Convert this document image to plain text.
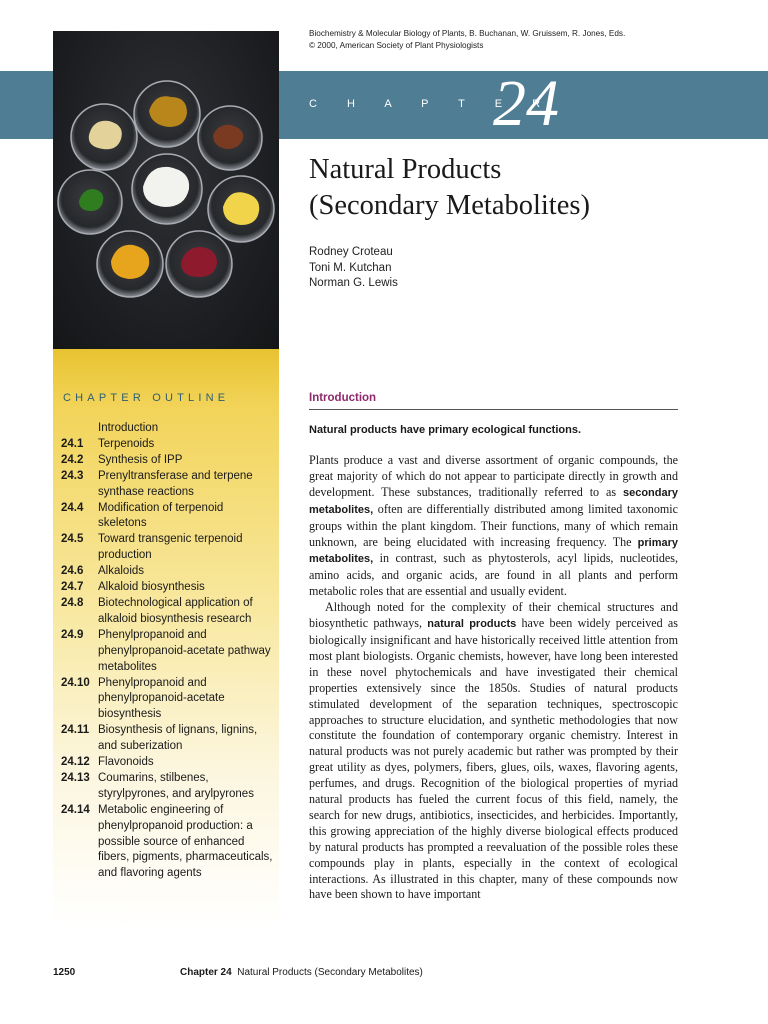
Biochemistry & Molecular Biology of Plants, B. Buchanan, W. Gruissem, R. Jones, Eds.
© 2000, American Society of Plant Physiologists
C H A P T E R
24
Natural Products
(Secondary Metabolites)
Rodney Croteau
Toni M. Kutchan
Norman G. Lewis
CHAPTER OUTLINE
Introduction
24.1	Terpenoids
24.2	Synthesis of IPP
24.3	Prenyltransferase and terpene synthase reactions
24.4	Modification of terpenoid skeletons
24.5	Toward transgenic terpenoid production
24.6	Alkaloids
24.7	Alkaloid biosynthesis
24.8	Biotechnological application of alkaloid biosynthesis research
24.9	Phenylpropanoid and phenylpropanoid-acetate pathway metabolites
24.10 Phenylpropanoid and phenylpropanoid-acetate biosynthesis
24.11 Biosynthesis of lignans, lignins, and suberization
24.12 Flavonoids
24.13 Coumarins, stilbenes, styrylpyrones, and arylpyrones
24.14 Metabolic engineering of phenylpropanoid production: a possible source of enhanced fibers, pigments, pharmaceuticals, and flavoring agents
Introduction
Natural products have primary ecological functions.

Plants produce a vast and diverse assortment of organic compounds, the great majority of which do not appear to participate directly in growth and development. These substances, traditionally referred to as secondary metabolites, often are differentially distributed among limited taxonomic groups within the plant kingdom. Their functions, many of which remain unknown, are being elucidated with increasing frequency. The primary metabolites, in contrast, such as phytosterols, acyl lipids, nucleotides, amino acids, and organic acids, are found in all plants and perform metabolic roles that are essential and usually evident.

Although noted for the complexity of their chemical structures and biosynthetic pathways, natural products have been widely perceived as biologically insignificant and have historically received little attention from most plant biologists. Organic chemists, however, have long been interested in these novel phytochemicals and have investigated their chemical properties extensively since the 1850s. Studies of natural products stimulated development of the separation techniques, spectroscopic approaches to structure elucidation, and synthetic methodologies that now constitute the foundation of contemporary organic chemistry. Interest in natural products was not purely academic but rather was prompted by their great utility as dyes, polymers, fibers, glues, oils, waxes, flavoring agents, perfumes, and drugs. Recognition of the biological properties of myriad natural products has fueled the current focus of this field, namely, the search for new drugs, antibiotics, insecticides, and herbicides. Importantly, this growing appreciation of the highly diverse biological effects produced by natural products has prompted a reevaluation of the possible roles these compounds play in plants, especially in the context of ecological interactions. As illustrated in this chapter, many of these compounds now have been shown to have important

1250	Chapter 24 Natural Products (Secondary Metabolites)
